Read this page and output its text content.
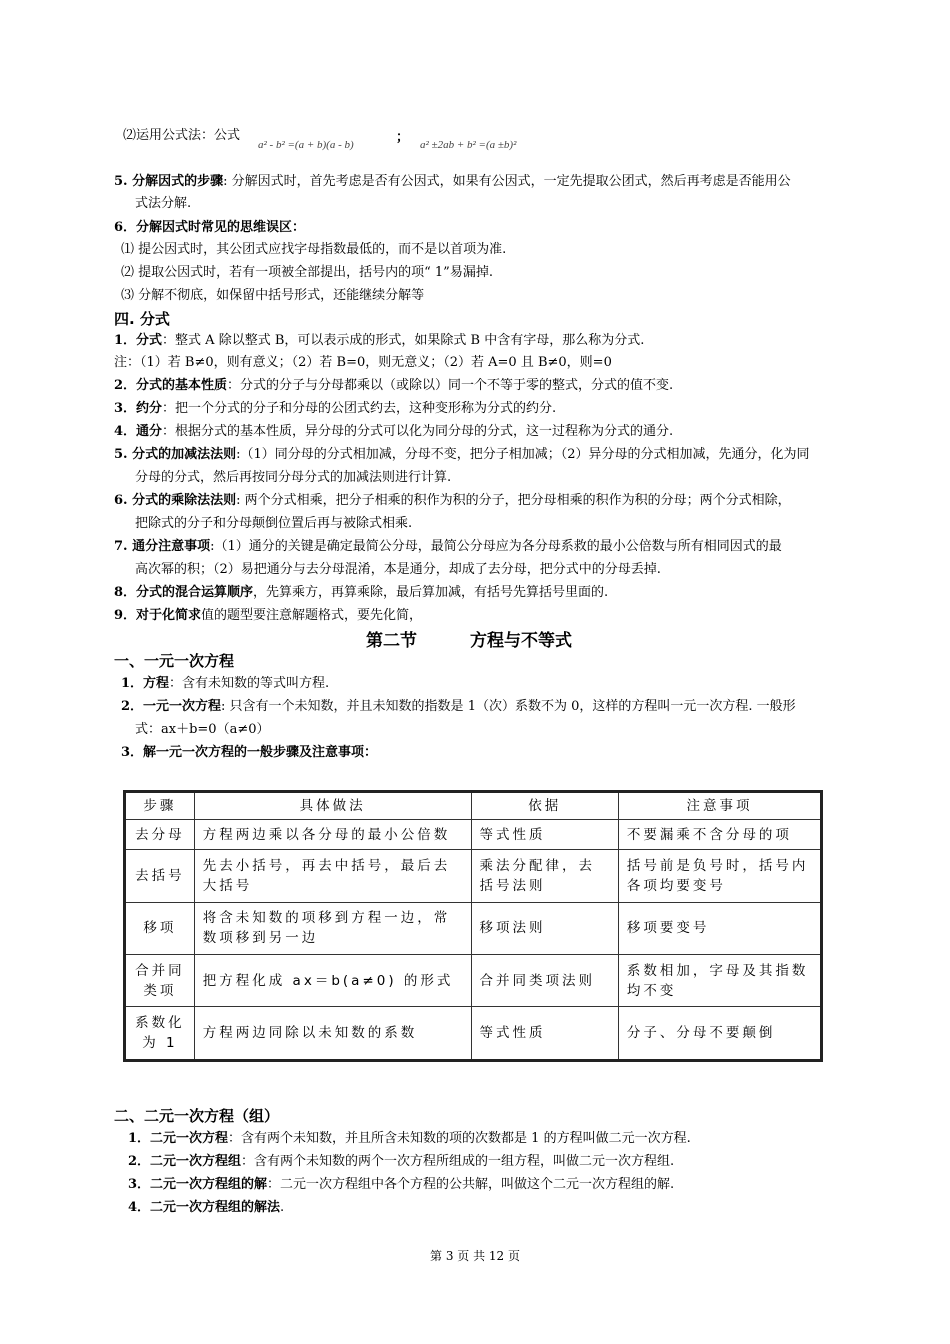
⑵运用公式法：公式
a² - b² =(a + b)(a - b)	； a² ±2ab + b² =(a ±b)²
5. 分解因式的步骤: 分解因式时，首先考虑是否有公因式，如果有公因式，一定先提取公团式，然后再考虑是否能用公
式法分解.
6．分解因式时常见的思维误区：
⑴ 提公因式时，其公团式应找字母指数最低的，而不是以首项为准.
⑵ 提取公因式时，若有一项被全部提出，括号内的项“ 1”易漏掉.
⑶ 分解不彻底，如保留中括号形式，还能继续分解等
四. 分式
1．分式：整式 A 除以整式 B，可以表示成的形式，如果除式 B 中含有字母，那么称为分式.
注：（1）若 B≠0，则有意义；（2）若 B=0，则无意义；（2）若 A=0 且 B≠0，则=0
2．分式的基本性质：分式的分子与分母都乘以（或除以）同一个不等于零的整式，分式的值不变.
3．约分：把一个分式的分子和分母的公团式约去，这种变形称为分式的约分.
4．通分：根据分式的基本性质，异分母的分式可以化为同分母的分式，这一过程称为分式的通分.
5. 分式的加减法法则:（1）同分母的分式相加减，分母不变，把分子相加减；（2）异分母的分式相加减，先通分，化为同
分母的分式，然后再按同分母分式的加减法则进行计算.
6. 分式的乘除法法则: 两个分式相乘，把分子相乘的积作为积的分子，把分母相乘的积作为积的分母；两个分式相除，
把除式的分子和分母颠倒位置后再与被除式相乘.
7. 通分注意事项:（1）通分的关键是确定最简公分母，最简公分母应为各分母系救的最小公倍数与所有相同因式的最
高次幂的积；（2）易把通分与去分母混淆，本是通分，却成了去分母，把分式中的分母丢掉.
8．分式的混合运算顺序，先算乘方，再算乘除，最后算加减，有括号先算括号里面的.
9．对于化简求值的题型要注意解题格式，要先化简，
第二节	方程与不等式
一、一元一次方程
1．方程：含有未知数的等式叫方程.
2．一元一次方程: 只含有一个未知数，并且未知数的指数是 1（次）系数不为 0，这样的方程叫一元一次方程. 一般形
式：ax＋b=0（a≠0）
3．解一元一次方程的一般步骤及注意事项：
步骤	具体做法	依据	注意事项
去分母	方程两边乘以各分母的最小公倍数	等式性质	不要漏乘不含分母的项
去括号	先去小括号，再去中括号，最后去大括号	乘法分配律，去括号法则	括号前是负号时，括号内各项均要变号
移项	将含未知数的项移到方程一边，常数项移到另一边	移项法则	移项要变号
合并同类项	把方程化成 ax＝b(a≠0) 的形式	合并同类项法则	系数相加，字母及其指数均不变
系数化为 1	方程两边同除以未知数的系数	等式性质	分子、分母不要颠倒
二、二元一次方程（组）
1．二元一次方程：含有两个未知数，并且所含未知数的项的次数都是 1 的方程叫做二元一次方程.
2．二元一次方程组：含有两个未知数的两个一次方程所组成的一组方程，叫做二元一次方程组.
3．二元一次方程组的解：二元一次方程组中各个方程的公共解，叫做这个二元一次方程组的解.
4．二元一次方程组的解法.
第 3 页 共 12 页
